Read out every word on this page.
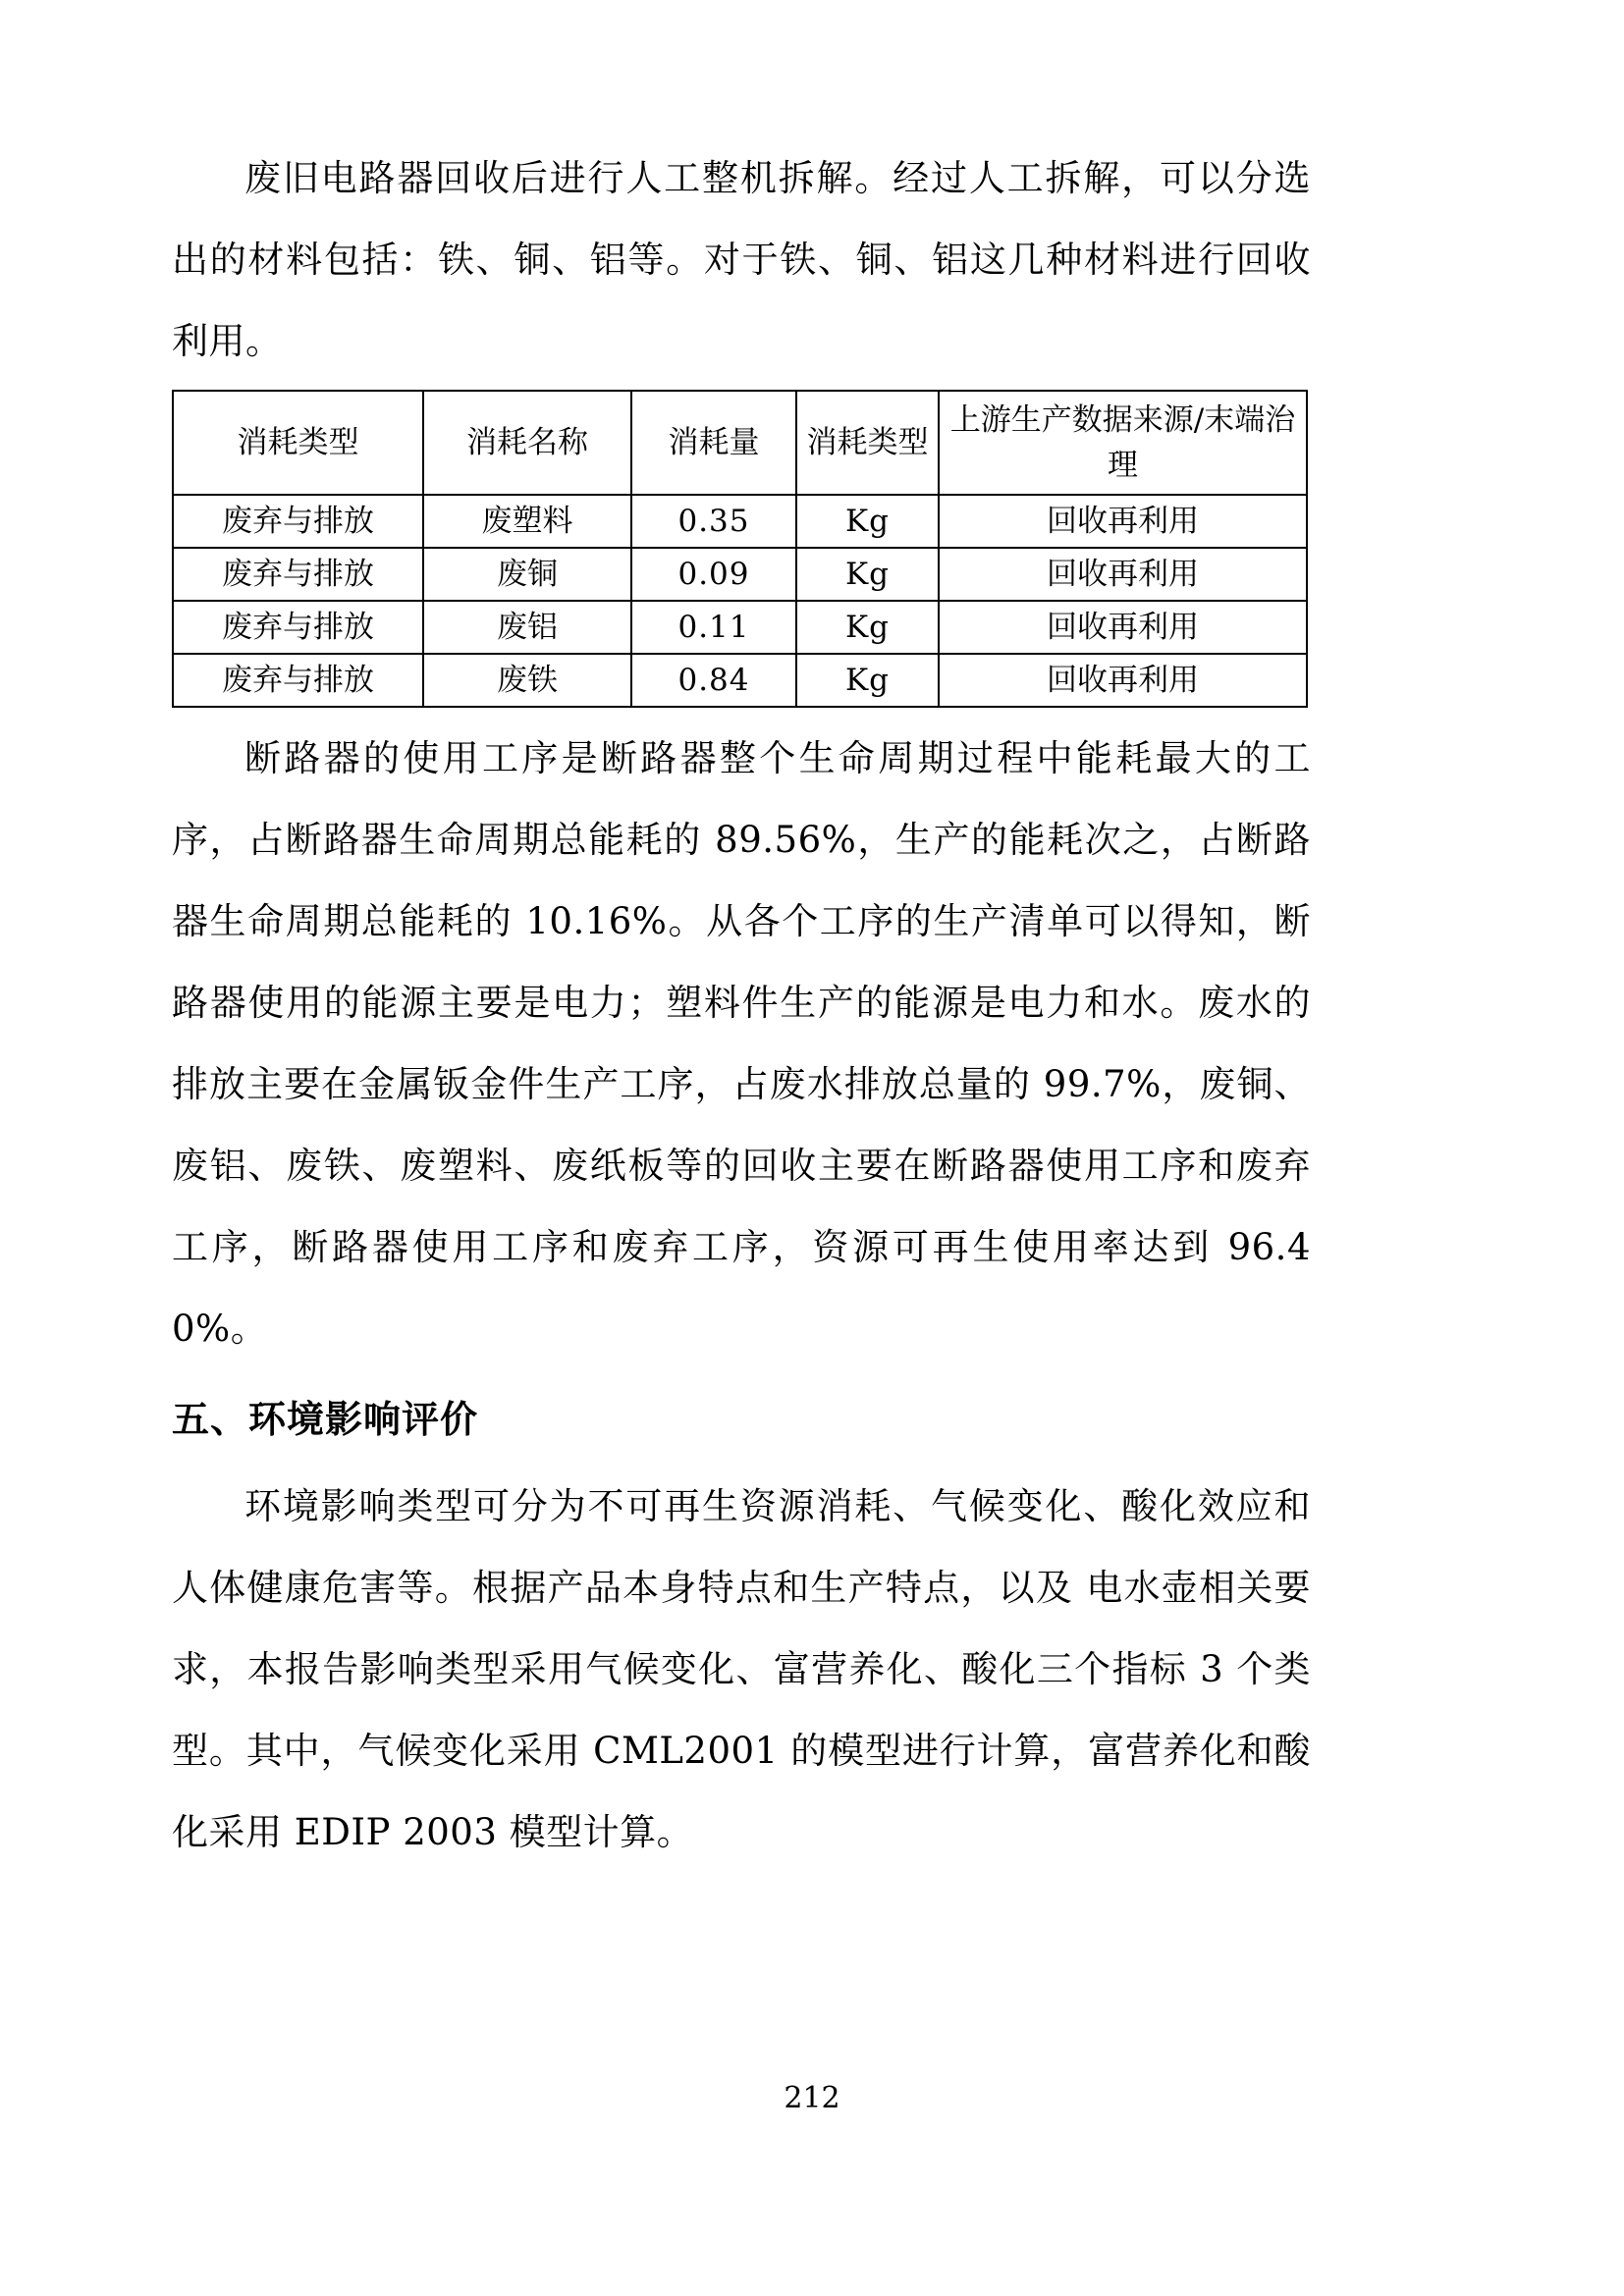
废旧电路器回收后进行人工整机拆解。经过人工拆解，可以分选出的材料包括：铁、铜、铝等。对于铁、铜、铝这几种材料进行回收利用。

消耗类型	消耗名称	消耗量	消耗类型	上游生产数据来源/末端治理
废弃与排放	废塑料	0.35	Kg	回收再利用
废弃与排放	废铜	0.09	Kg	回收再利用
废弃与排放	废铝	0.11	Kg	回收再利用
废弃与排放	废铁	0.84	Kg	回收再利用

断路器的使用工序是断路器整个生命周期过程中能耗最大的工序，占断路器生命周期总能耗的 89.56%，生产的能耗次之，占断路器生命周期总能耗的 10.16%。从各个工序的生产清单可以得知，断路器使用的能源主要是电力；塑料件生产的能源是电力和水。废水的排放主要在金属钣金件生产工序，占废水排放总量的 99.7%，废铜、废铝、废铁、废塑料、废纸板等的回收主要在断路器使用工序和废弃工序，断路器使用工序和废弃工序，资源可再生使用率达到 96.40%。

五、环境影响评价

环境影响类型可分为不可再生资源消耗、气候变化、酸化效应和人体健康危害等。根据产品本身特点和生产特点，以及 电水壶相关要求，本报告影响类型采用气候变化、富营养化、酸化三个指标 3 个类型。其中，气候变化采用 CML2001 的模型进行计算，富营养化和酸化采用 EDIP 2003 模型计算。

212
